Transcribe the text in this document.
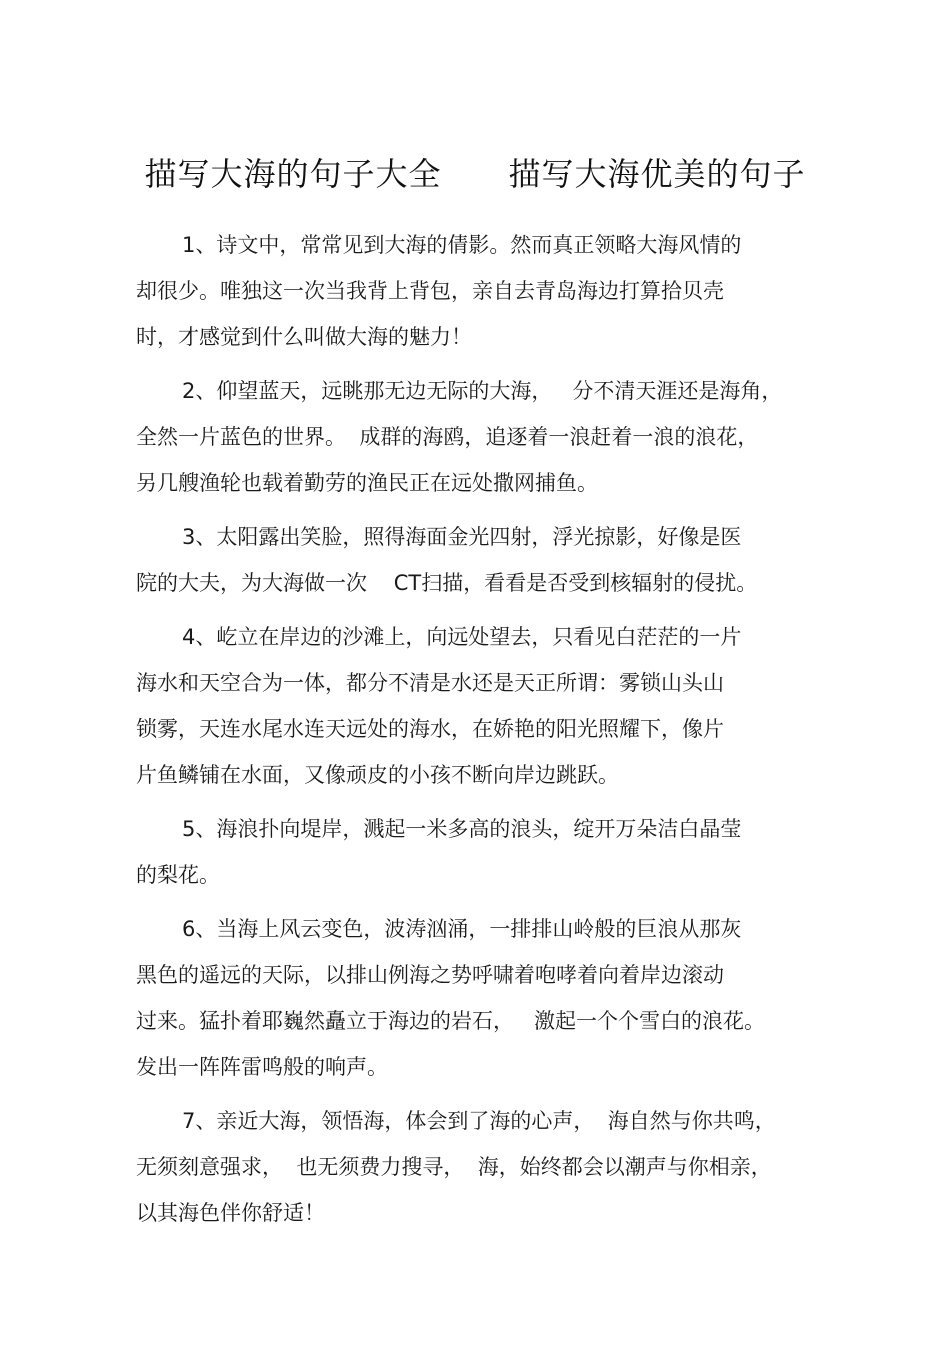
描写大海的句子大全      描写大海优美的句子
1、诗文中，常常见到大海的倩影。然而真正领略大海风情的
却很少。唯独这一次当我背上背包，亲自去青岛海边打算拾贝壳
时，才感觉到什么叫做大海的魅力！
2、仰望蓝天，远眺那无边无际的大海，   分不清天涯还是海角，
全然一片蓝色的世界。  成群的海鸥，追逐着一浪赶着一浪的浪花，
另几艘渔轮也载着勤劳的渔民正在远处撒网捕鱼。
3、太阳露出笑脸，照得海面金光四射，浮光掠影，好像是医
院的大夫，为大海做一次    CT扫描，看看是否受到核辐射的侵扰。
4、屹立在岸边的沙滩上，向远处望去，只看见白茫茫的一片
海水和天空合为一体，都分不清是水还是天正所谓：雾锁山头山
锁雾，天连水尾水连天远处的海水，在娇艳的阳光照耀下，像片
片鱼鳞铺在水面，又像顽皮的小孩不断向岸边跳跃。
5、海浪扑向堤岸，溅起一米多高的浪头，绽开万朵洁白晶莹
的梨花。
6、当海上风云变色，波涛汹涌，一排排山岭般的巨浪从那灰
黑色的遥远的天际，以排山例海之势呼啸着咆哮着向着岸边滚动
过来。猛扑着耶巍然矗立于海边的岩石，   激起一个个雪白的浪花。
发出一阵阵雷鸣般的响声。
7、亲近大海，领悟海，体会到了海的心声，  海自然与你共鸣，
无须刻意强求，  也无须费力搜寻，  海，始终都会以潮声与你相亲，
以其海色伴你舒适！
